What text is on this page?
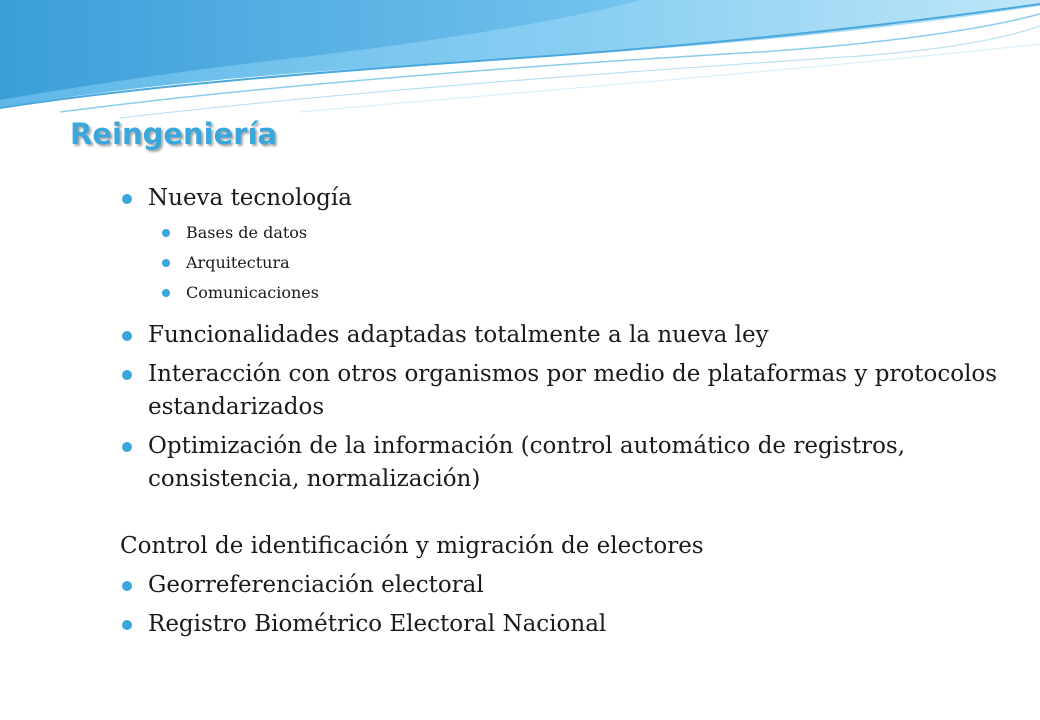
Reingeniería
Nueva tecnología
Bases de datos
Arquitectura
Comunicaciones
Funcionalidades adaptadas totalmente a la nueva ley
Interacción con otros organismos por medio de plataformas y protocolos estandarizados
Optimización de la información (control automático de registros, consistencia, normalización)
Control de identificación y migración de electores
Georreferenciación electoral
Registro Biométrico Electoral Nacional
